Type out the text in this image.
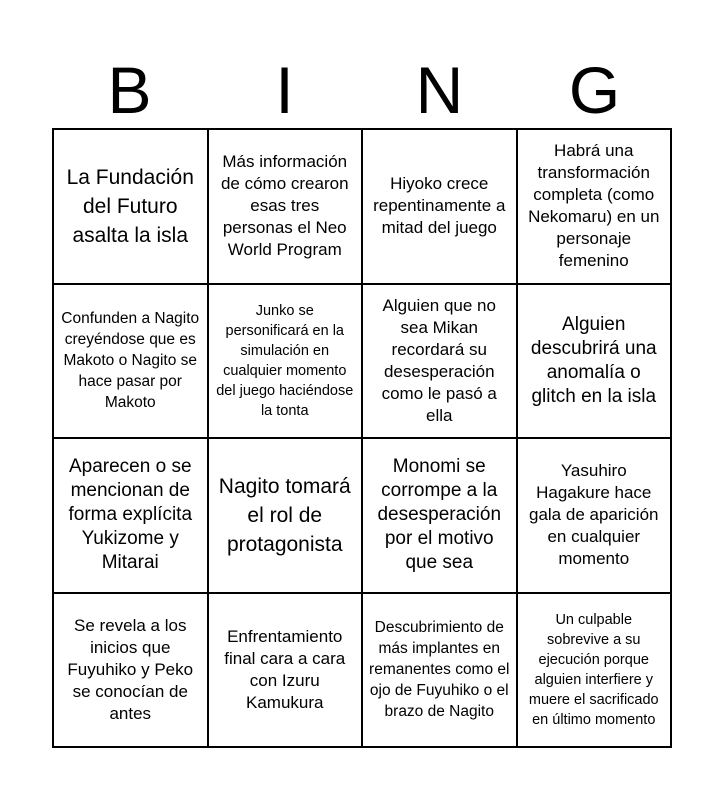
B	I	N	G
La Fundación del Futuro asalta la isla
Más información de cómo crearon esas tres personas el Neo World Program
Hiyoko crece repentinamente a mitad del juego
Habrá una transformación completa (como Nekomaru) en un personaje femenino
Confunden a Nagito creyéndose que es Makoto o Nagito se hace pasar por Makoto
Junko se personificará en la simulación en cualquier momento del juego haciéndose la tonta
Alguien que no sea Mikan recordará su desesperación como le pasó a ella
Alguien descubrirá una anomalía o glitch en la isla
Aparecen o se mencionan de forma explícita Yukizome y Mitarai
Nagito tomará el rol de protagonista
Monomi se corrompe a la desesperación por el motivo que sea
Yasuhiro Hagakure hace gala de aparición en cualquier momento
Se revela a los inicios que Fuyuhiko y Peko se conocían de antes
Enfrentamiento final cara a cara con Izuru Kamukura
Descubrimiento de más implantes en remanentes como el ojo de Fuyuhiko o el brazo de Nagito
Un culpable sobrevive a su ejecución porque alguien interfiere y muere el sacrificado en último momento
